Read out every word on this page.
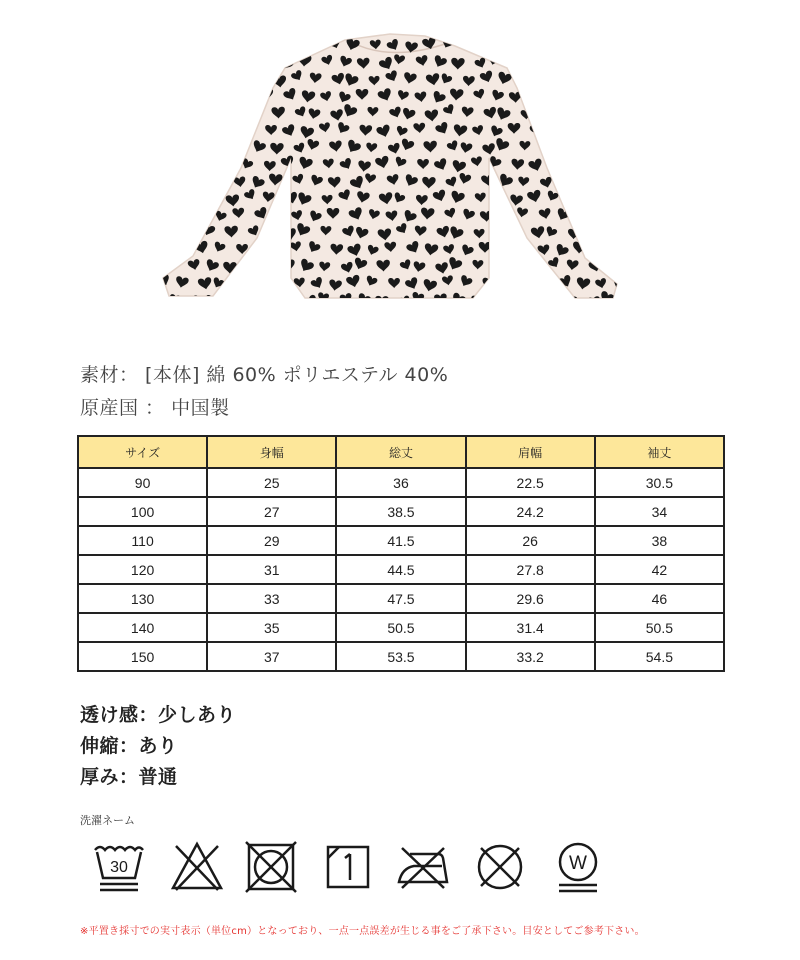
素材： [本体] 綿 60% ポリエステル 40%
原産国 ： 中国製
サイズ	身幅	総丈	肩幅	袖丈
90	25	36	22.5	30.5
100	27	38.5	24.2	34
110	29	41.5	26	38
120	31	44.5	27.8	42
130	33	47.5	29.6	46
140	35	50.5	31.4	50.5
150	37	53.5	33.2	54.5
透け感：少しあり
伸縮：あり
厚み：普通
洗濯ネーム
30	W
※平置き採寸での実寸表示（単位cm）となっており、一点一点誤差が生じる事をご了承下さい。目安としてご参考下さい。
